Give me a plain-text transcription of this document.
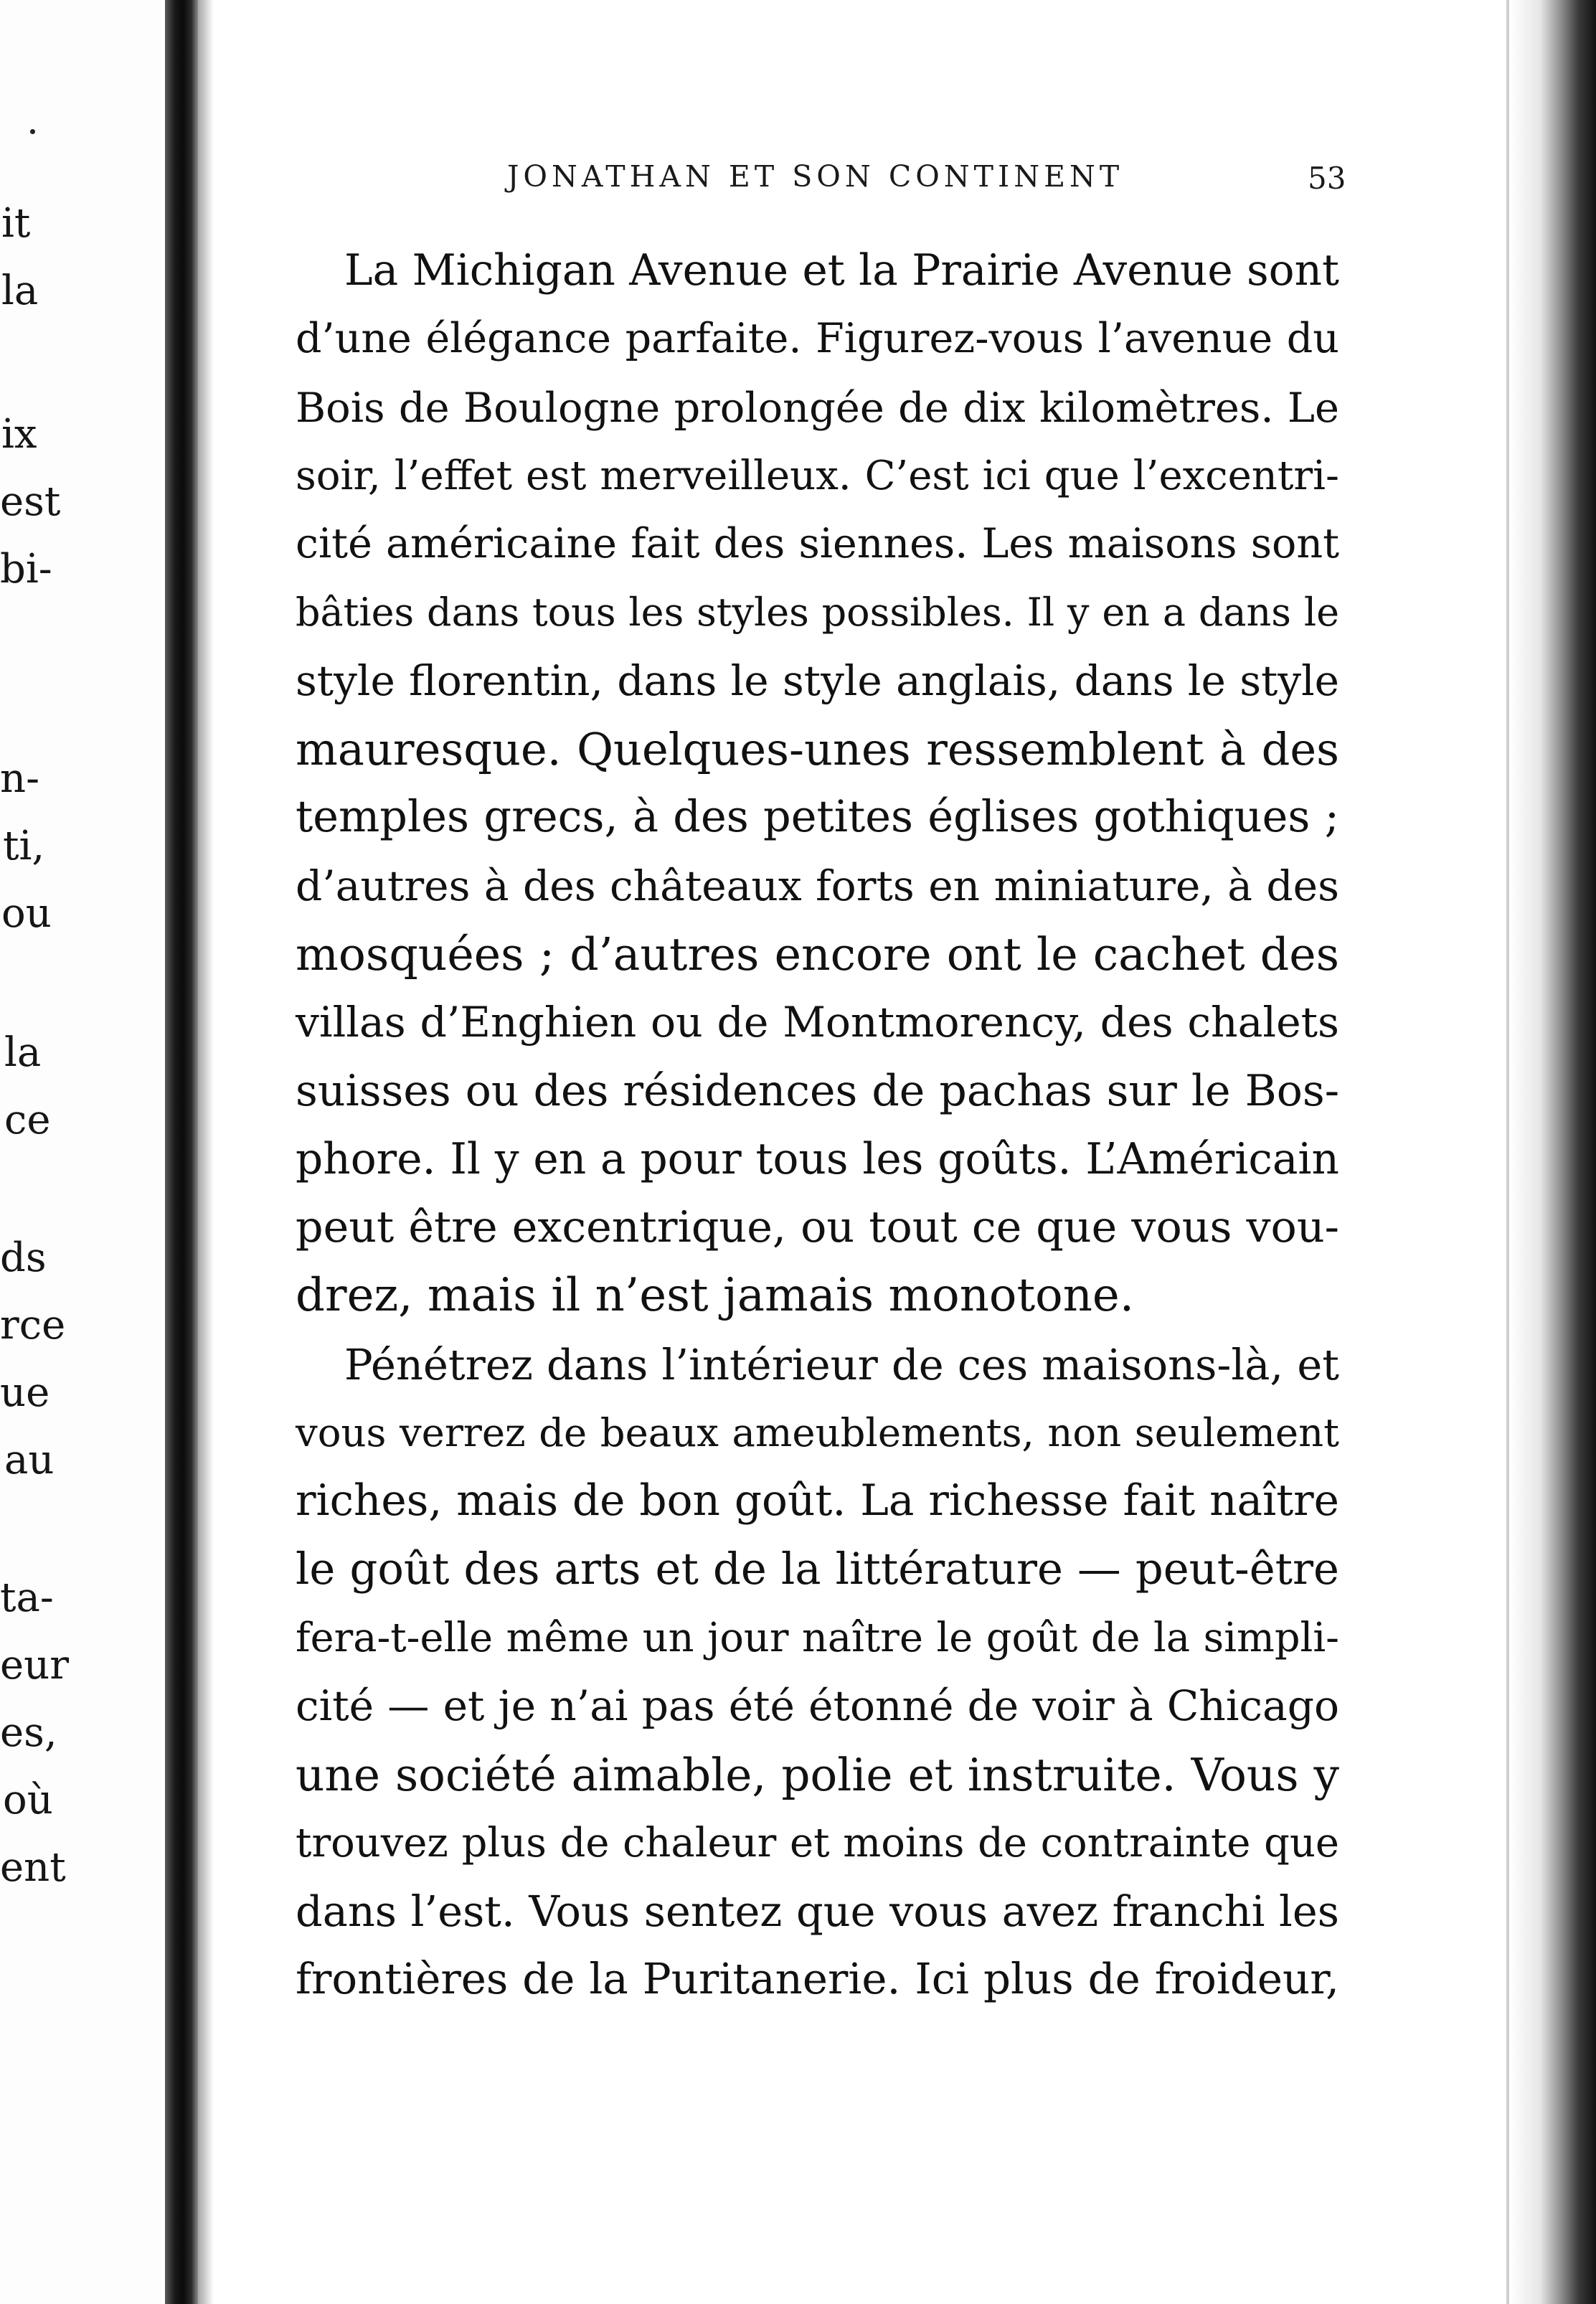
it
la
ix
est
bi-
n-
ti,
ou
la
ce
ds
rce
ue
au
ta-
eur
es,
où
ent
JONATHAN ET SON CONTINENT	53
La Michigan Avenue et la Prairie Avenue sont
d’une élégance parfaite. Figurez-vous l’avenue du
Bois de Boulogne prolongée de dix kilomètres. Le
soir, l’effet est merveilleux. C’est ici que l’excentri-
cité américaine fait des siennes. Les maisons sont
bâties dans tous les styles possibles. Il y en a dans le
style florentin, dans le style anglais, dans le style
mauresque. Quelques-unes ressemblent à des
temples grecs, à des petites églises gothiques ;
d’autres à des châteaux forts en miniature, à des
mosquées ; d’autres encore ont le cachet des
villas d’Enghien ou de Montmorency, des chalets
suisses ou des résidences de pachas sur le Bos-
phore. Il y en a pour tous les goûts. L’Américain
peut être excentrique, ou tout ce que vous vou-
drez, mais il n’est jamais monotone.
Pénétrez dans l’intérieur de ces maisons-là, et
vous verrez de beaux ameublements, non seulement
riches, mais de bon goût. La richesse fait naître
le goût des arts et de la littérature — peut-être
fera-t-elle même un jour naître le goût de la simpli-
cité — et je n’ai pas été étonné de voir à Chicago
une société aimable, polie et instruite. Vous y
trouvez plus de chaleur et moins de contrainte que
dans l’est. Vous sentez que vous avez franchi les
frontières de la Puritanerie. Ici plus de froideur,
